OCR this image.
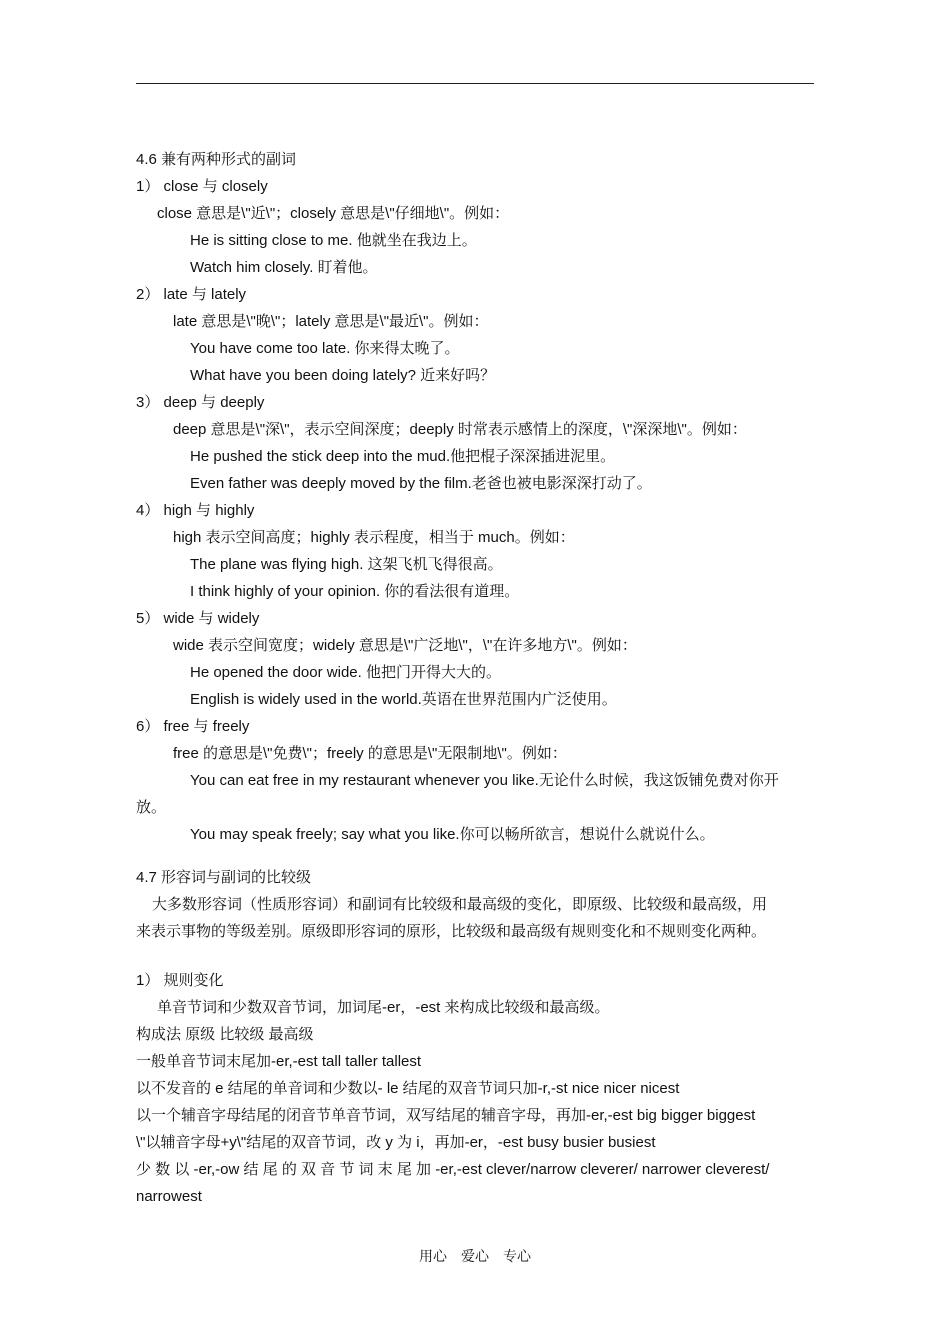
4.6 兼有两种形式的副词
1） close 与 closely
close 意思是\"近\"；closely 意思是\"仔细地\"。例如：
He is sitting close to me. 他就坐在我边上。
Watch him closely. 盯着他。
2） late 与 lately
late 意思是\"晚\"；lately 意思是\"最近\"。例如：
You have come too late. 你来得太晚了。
What have you been doing lately? 近来好吗？
3） deep 与 deeply
deep 意思是\"深\"，表示空间深度；deeply 时常表示感情上的深度，\"深深地\"。例如：
He pushed the stick deep into the mud.他把棍子深深插进泥里。
Even father was deeply moved by the film.老爸也被电影深深打动了。
4） high 与 highly
high 表示空间高度；highly 表示程度，相当于 much。例如：
The plane was flying high. 这架飞机飞得很高。
I think highly of your opinion. 你的看法很有道理。
5） wide 与 widely
wide 表示空间宽度；widely 意思是\"广泛地\"，\"在许多地方\"。例如：
He opened the door wide. 他把门开得大大的。
English is widely used in the world.英语在世界范围内广泛使用。
6） free 与 freely
free 的意思是\"免费\"；freely 的意思是\"无限制地\"。例如：
You can eat free in my restaurant whenever you like.无论什么时候，我这饭铺免费对你开
放。
You may speak freely; say what you like.你可以畅所欲言，想说什么就说什么。
4.7 形容词与副词的比较级
大多数形容词（性质形容词）和副词有比较级和最高级的变化，即原级、比较级和最高级，用
来表示事物的等级差别。原级即形容词的原形，比较级和最高级有规则变化和不规则变化两种。
1） 规则变化
单音节词和少数双音节词，加词尾-er，-est 来构成比较级和最高级。
构成法 原级 比较级 最高级
一般单音节词末尾加-er,-est tall taller tallest
以不发音的 e 结尾的单音词和少数以- le 结尾的双音节词只加-r,-st nice nicer nicest
以一个辅音字母结尾的闭音节单音节词，双写结尾的辅音字母，再加-er,-est big bigger biggest
\"以辅音字母+y\"结尾的双音节词，改 y 为 i，再加-er，-est busy busier busiest
少 数 以 -er,-ow 结 尾 的 双 音 节 词 末 尾 加 -er,-est clever/narrow cleverer/ narrower cleverest/
narrowest
用心　爱心　专心
